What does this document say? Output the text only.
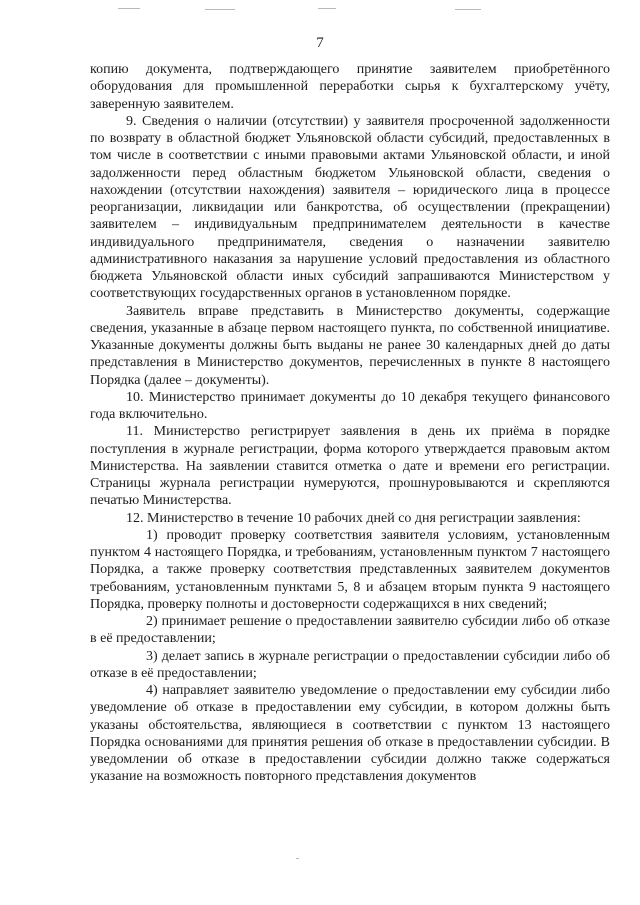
7

копию документа, подтверждающего принятие заявителем приобретённого оборудования для промышленной переработки сырья к бухгалтерскому учёту, заверенную заявителем.

9. Сведения о наличии (отсутствии) у заявителя просроченной задолженности по возврату в областной бюджет Ульяновской области субсидий, предоставленных в том числе в соответствии с иными правовыми актами Ульяновской области, и иной задолженности перед областным бюджетом Ульяновской области, сведения о нахождении (отсутствии нахождения) заявителя – юридического лица в процессе реорганизации, ликвидации или банкротства, об осуществлении (прекращении) заявителем – индивидуальным предпринимателем деятельности в качестве индивидуального предпринимателя, сведения о назначении заявителю административного наказания за нарушение условий предоставления из областного бюджета Ульяновской области иных субсидий запрашиваются Министерством у соответствующих государственных органов в установленном порядке.

Заявитель вправе представить в Министерство документы, содержащие сведения, указанные в абзаце первом настоящего пункта, по собственной инициативе. Указанные документы должны быть выданы не ранее 30 календарных дней до даты представления в Министерство документов, перечисленных в пункте 8 настоящего Порядка (далее – документы).

10. Министерство принимает документы до 10 декабря текущего финансового года включительно.

11. Министерство регистрирует заявления в день их приёма в порядке поступления в журнале регистрации, форма которого утверждается правовым актом Министерства. На заявлении ставится отметка о дате и времени его регистрации. Страницы журнала регистрации нумеруются, прошнуровываются и скрепляются печатью Министерства.

12. Министерство в течение 10 рабочих дней со дня регистрации заявления:

1) проводит проверку соответствия заявителя условиям, установленным пунктом 4 настоящего Порядка, и требованиям, установленным пунктом 7 настоящего Порядка, а также проверку соответствия представленных заявителем документов требованиям, установленным пунктами 5, 8 и абзацем вторым пункта 9 настоящего Порядка, проверку полноты и достоверности содержащихся в них сведений;

2) принимает решение о предоставлении заявителю субсидии либо об отказе в её предоставлении;

3) делает запись в журнале регистрации о предоставлении субсидии либо об отказе в её предоставлении;

4) направляет заявителю уведомление о предоставлении ему субсидии либо уведомление об отказе в предоставлении ему субсидии, в котором должны быть указаны обстоятельства, являющиеся в соответствии с пунктом 13 настоящего Порядка основаниями для принятия решения об отказе в предоставлении субсидии. В уведомлении об отказе в предоставлении субсидии должно также содержаться указание на возможность повторного представления документов
